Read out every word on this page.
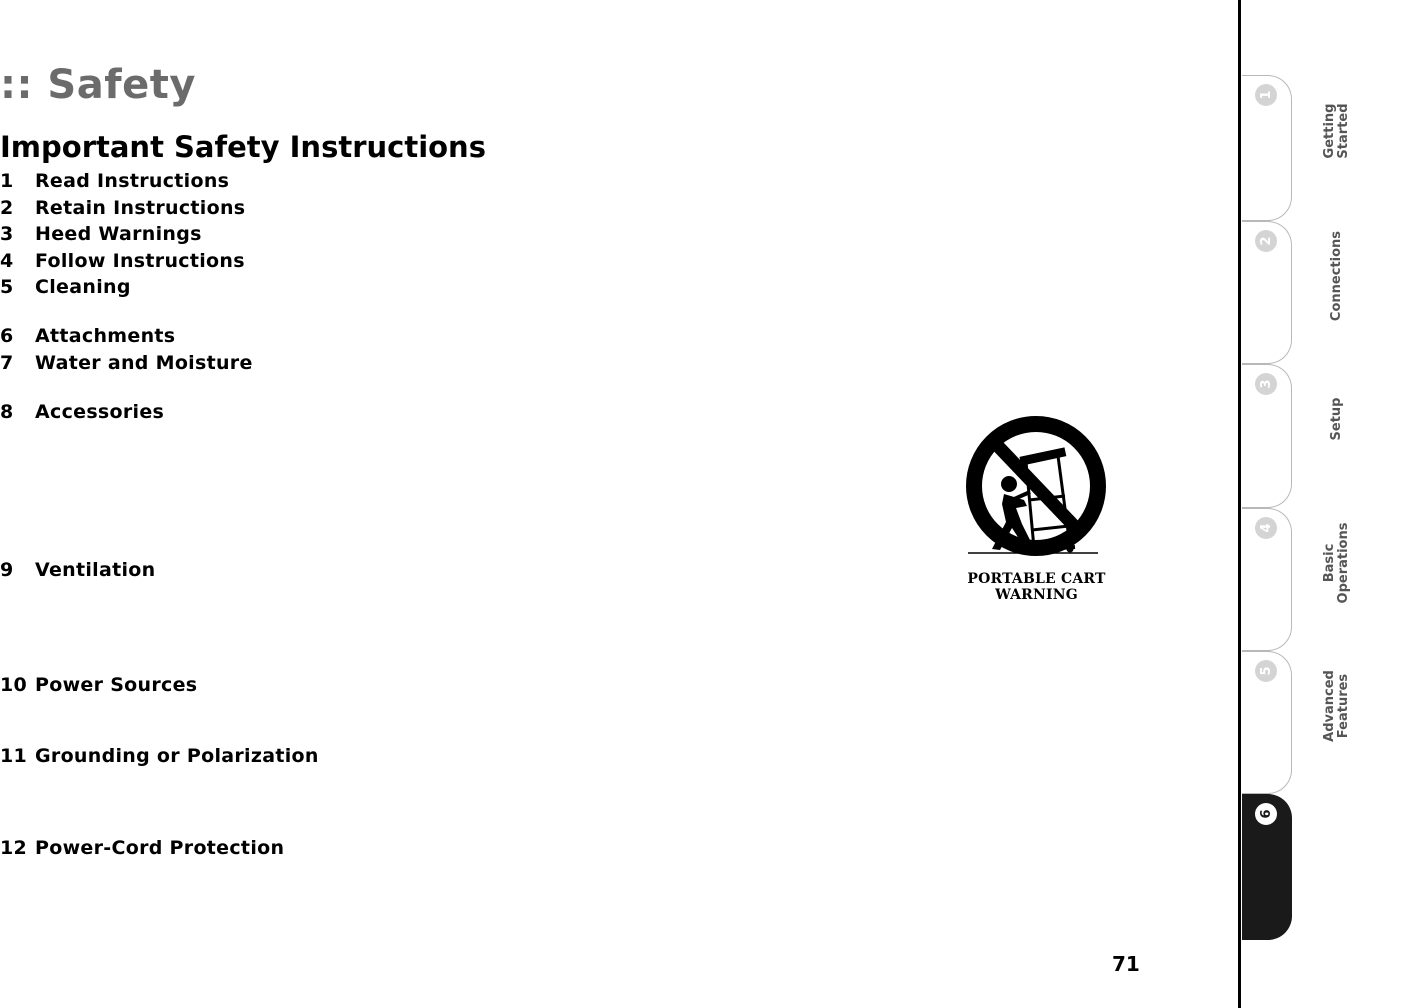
:: Safety
Important Safety Instructions
1 Read Instructions
2 Retain Instructions
3 Heed Warnings
4 Follow Instructions
5 Cleaning
6 Attachments
7 Water and Moisture
8 Accessories
9 Ventilation
10 Power Sources
11 Grounding or Polarization
12 Power-Cord Protection
PORTABLE CART WARNING
71
1
Getting
Started
2	Connections
3
Setup
4
Basic
Operations
5	Advanced
Features
6
Help
